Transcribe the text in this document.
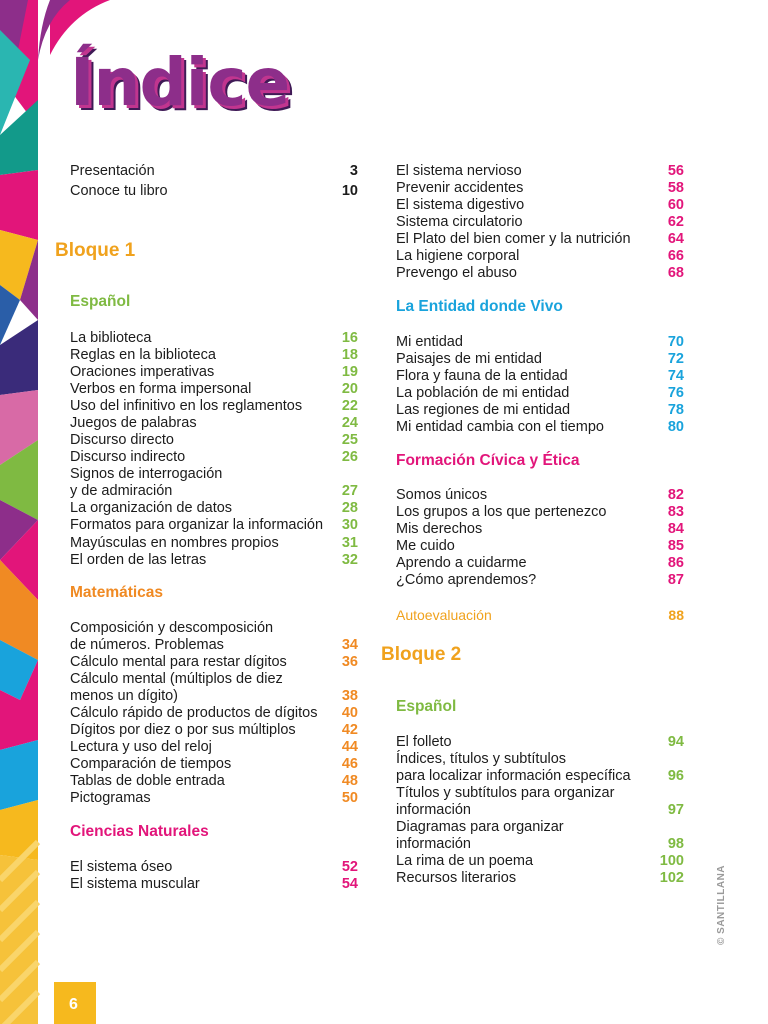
Índice
Presentación	3
Conoce tu libro	10
Bloque 1
Español
La biblioteca	16
Reglas en la biblioteca	18
Oraciones imperativas	19
Verbos en forma impersonal	20
Uso del infinitivo en los reglamentos	22
Juegos de palabras	24
Discurso directo	25
Discurso indirecto	26
Signos de interrogación
y de admiración	27
La organización de datos	28
Formatos para organizar la información 30
Mayúsculas en nombres propios	31
El orden de las letras	32
Matemáticas
Composición y descomposición
de números. Problemas	34
Cálculo mental para restar dígitos	36
Cálculo mental (múltiplos de diez
menos un dígito)	38
Cálculo rápido de productos de dígitos 40
Dígitos por diez o por sus múltiplos	42
Lectura y uso del reloj	44
Comparación de tiempos	46
Tablas de doble entrada	48
Pictogramas	50
Ciencias Naturales
El sistema óseo	52
El sistema muscular	54
El sistema nervioso	56
Prevenir accidentes	58
El sistema digestivo	60
Sistema circulatorio	62
El Plato del bien comer y la nutrición	64
La higiene corporal	66
Prevengo el abuso	68
La Entidad donde Vivo
Mi entidad	70
Paisajes de mi entidad	72
Flora y fauna de la entidad	74
La población de mi entidad	76
Las regiones de mi entidad	78
Mi entidad cambia con el tiempo	80
Formación Cívica y Ética
Somos únicos	82
Los grupos a los que pertenezco	83
Mis derechos	84
Me cuido	85
Aprendo a cuidarme	86
¿Cómo aprendemos?	87
Autoevaluación	88
Bloque 2
Español
El folleto	94
Índices, títulos y subtítulos
para localizar información específica	96
Títulos y subtítulos para organizar
información	97
Diagramas para organizar
información	98
La rima de un poema	100
Recursos literarios	102	© SANTILLANA
6
